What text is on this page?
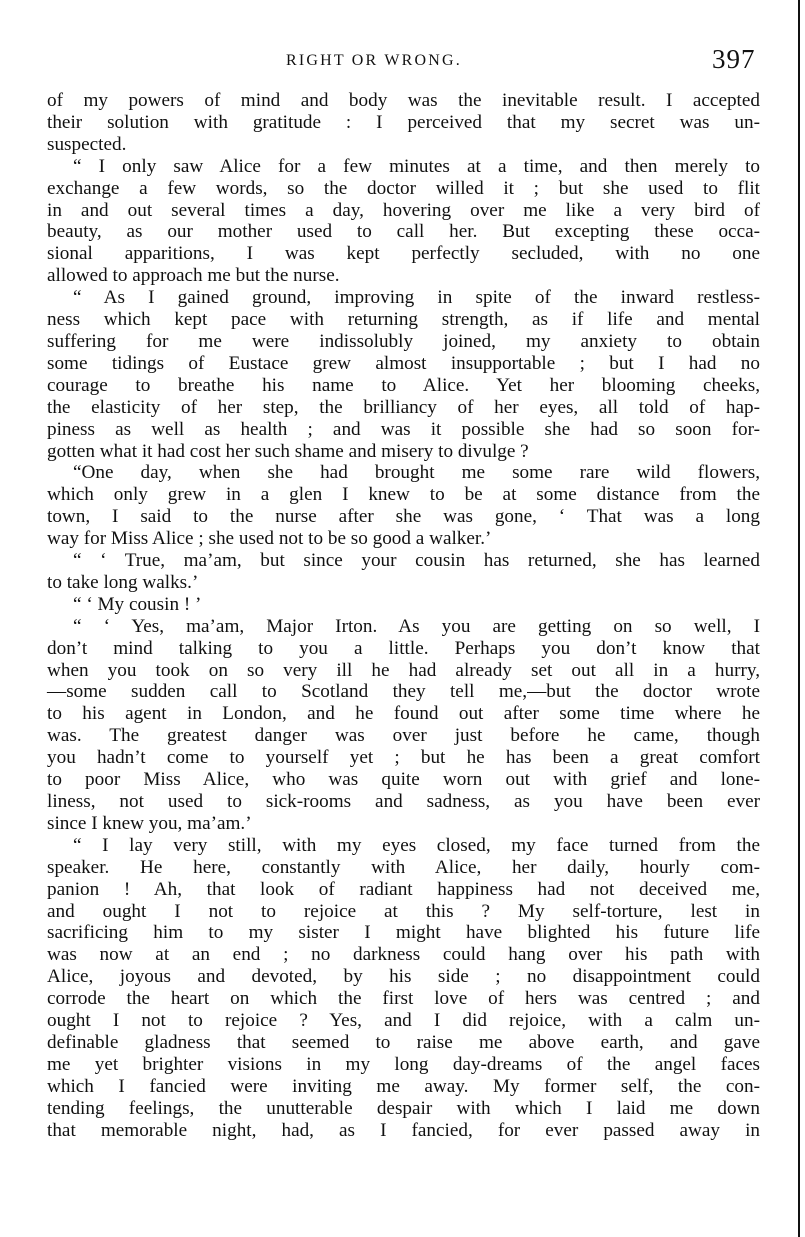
RIGHT OR WRONG.	397
of my powers of mind and body was the inevitable result. I accepted
their solution with gratitude : I perceived that my secret was un-
suspected.
“ I only saw Alice for a few minutes at a time, and then merely to
exchange a few words, so the doctor willed it ; but she used to flit
in and out several times a day, hovering over me like a very bird of
beauty, as our mother used to call her. But excepting these occa-
sional apparitions, I was kept perfectly secluded, with no one
allowed to approach me but the nurse.
“ As I gained ground, improving in spite of the inward restless-
ness which kept pace with returning strength, as if life and mental
suffering for me were indissolubly joined, my anxiety to obtain
some tidings of Eustace grew almost insupportable ; but I had no
courage to breathe his name to Alice. Yet her blooming cheeks,
the elasticity of her step, the brilliancy of her eyes, all told of hap-
piness as well as health ; and was it possible she had so soon for-
gotten what it had cost her such shame and misery to divulge ?
“One day, when she had brought me some rare wild flowers,
which only grew in a glen I knew to be at some distance from the
town, I said to the nurse after she was gone, ‘ That was a long
way for Miss Alice ; she used not to be so good a walker.’
“ ‘ True, ma’am, but since your cousin has returned, she has learned
to take long walks.’
“ ‘ My cousin ! ’
“ ‘ Yes, ma’am, Major Irton. As you are getting on so well, I
don’t mind talking to you a little. Perhaps you don’t know that
when you took on so very ill he had already set out all in a hurry,
—some sudden call to Scotland they tell me,—but the doctor wrote
to his agent in London, and he found out after some time where he
was. The greatest danger was over just before he came, though
you hadn’t come to yourself yet ; but he has been a great comfort
to poor Miss Alice, who was quite worn out with grief and lone-
liness, not used to sick-rooms and sadness, as you have been ever
since I knew you, ma’am.’
“ I lay very still, with my eyes closed, my face turned from the
speaker. He here, constantly with Alice, her daily, hourly com-
panion ! Ah, that look of radiant happiness had not deceived me,
and ought I not to rejoice at this ? My self-torture, lest in
sacrificing him to my sister I might have blighted his future life
was now at an end ; no darkness could hang over his path with
Alice, joyous and devoted, by his side ; no disappointment could
corrode the heart on which the first love of hers was centred ; and
ought I not to rejoice ? Yes, and I did rejoice, with a calm un-
definable gladness that seemed to raise me above earth, and gave
me yet brighter visions in my long day-dreams of the angel faces
which I fancied were inviting me away. My former self, the con-
tending feelings, the unutterable despair with which I laid me down
that memorable night, had, as I fancied, for ever passed away in
